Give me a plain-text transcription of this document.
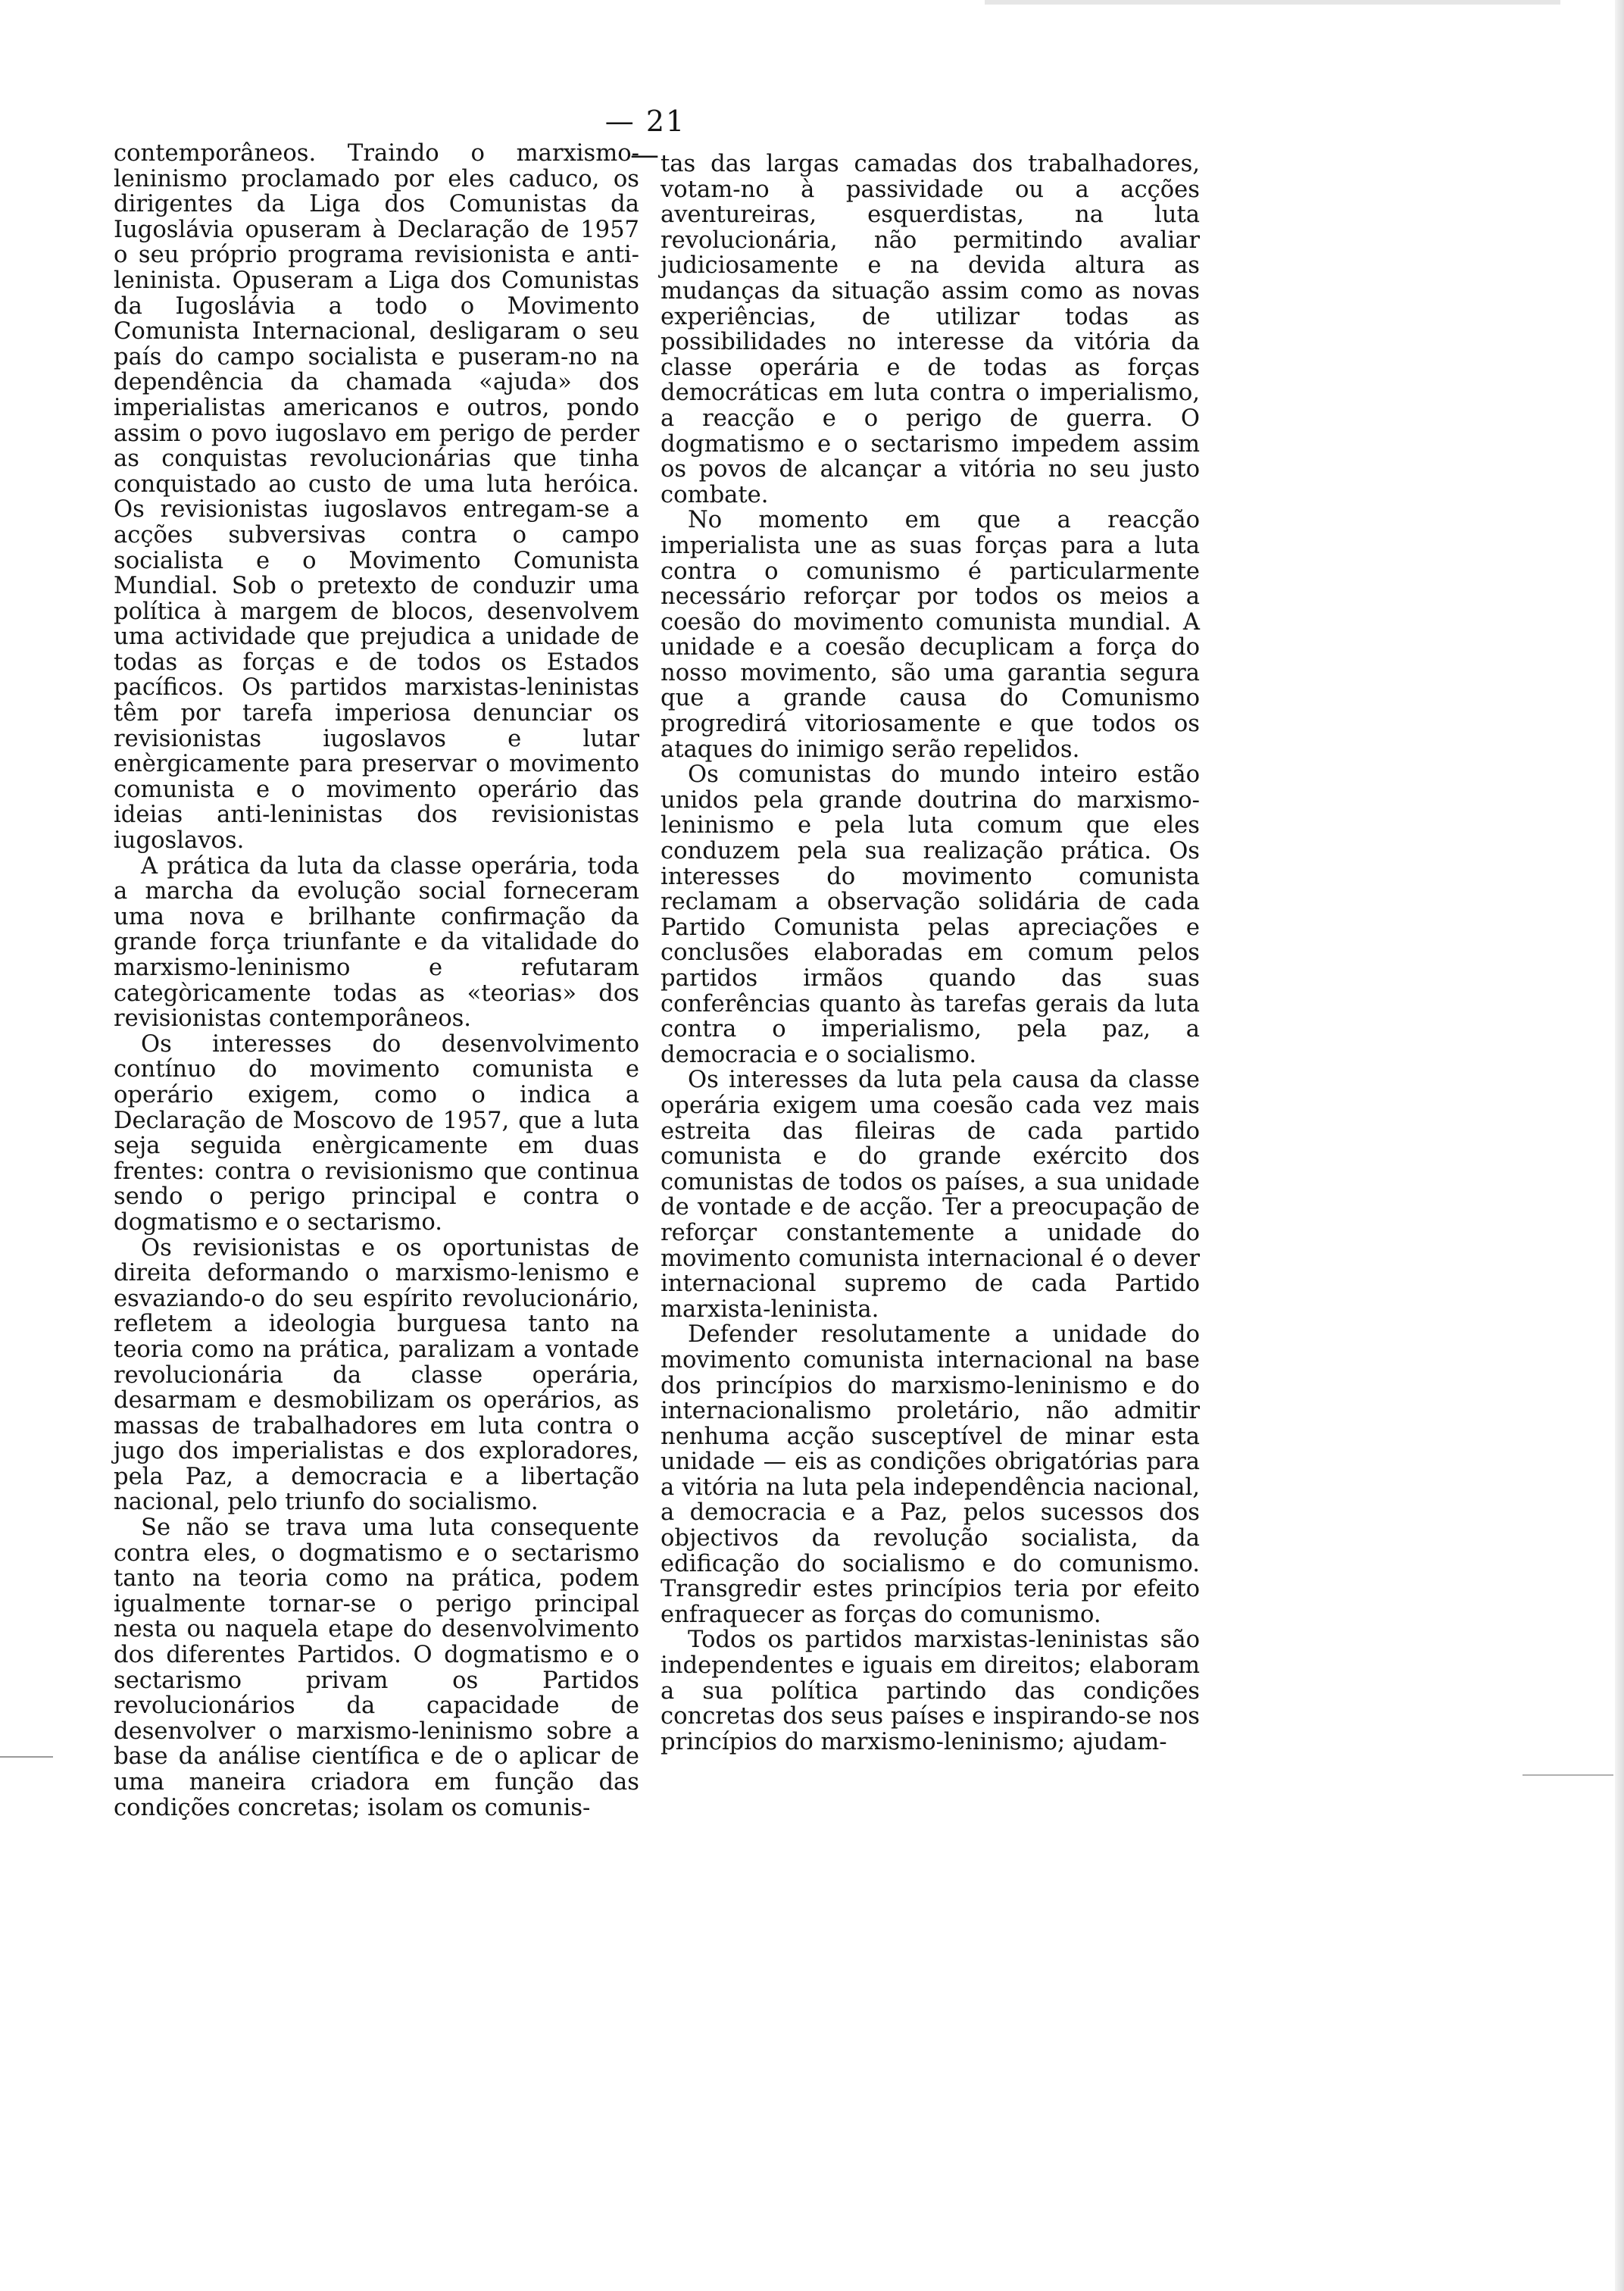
— 21 —

contemporâneos. Traindo o marxismo-leninismo proclamado por eles caduco, os dirigentes da Liga dos Comunistas da Iugoslávia opuseram à Declaração de 1957 o seu próprio programa revisionista e anti-leninista. Opuseram a Liga dos Comunistas da Iugoslávia a todo o Movimento Comunista Internacional, desligaram o seu país do campo socialista e puseram-no na dependência da chamada «ajuda» dos imperialistas americanos e outros, pondo assim o povo iugoslavo em perigo de perder as conquistas revolucionárias que tinha conquistado ao custo de uma luta heróica. Os revisionistas iugoslavos entregam-se a acções subversivas contra o campo socialista e o Movimento Comunista Mundial. Sob o pretexto de conduzir uma política à margem de blocos, desenvolvem uma actividade que prejudica a unidade de todas as forças e de todos os Estados pacíficos. Os partidos marxistas-leninistas têm por tarefa imperiosa denunciar os revisionistas iugoslavos e lutar enèrgicamente para preservar o movimento comunista e o movimento operário das ideias anti-leninistas dos revisionistas iugoslavos.

A prática da luta da classe operária, toda a marcha da evolução social forneceram uma nova e brilhante confirmação da grande força triunfante e da vitalidade do marxismo-leninismo e refutaram categòricamente todas as «teorias» dos revisionistas contemporâneos.

Os interesses do desenvolvimento contínuo do movimento comunista e operário exigem, como o indica a Declaração de Moscovo de 1957, que a luta seja seguida enèrgicamente em duas frentes: contra o revisionismo que continua sendo o perigo principal e contra o dogmatismo e o sectarismo.

Os revisionistas e os oportunistas de direita deformando o marxismo-lenismo e esvaziando-o do seu espírito revolucionário, refletem a ideologia burguesa tanto na teoria como na prática, paralizam a vontade revolucionária da classe operária, desarmam e desmobilizam os operários, as massas de trabalhadores em luta contra o jugo dos imperialistas e dos exploradores, pela Paz, a democracia e a libertação nacional, pelo triunfo do socialismo.

Se não se trava uma luta consequente contra eles, o dogmatismo e o sectarismo tanto na teoria como na prática, podem igualmente tornar-se o perigo principal nesta ou naquela etape do desenvolvimento dos diferentes Partidos. O dogmatismo e o sectarismo privam os Partidos revolucionários da capacidade de desenvolver o marxismo-leninismo sobre a base da análise científica e de o aplicar de uma maneira criadora em função das condições concretas; isolam os comunis-

tas das largas camadas dos trabalhadores, votam-no à passividade ou a acções aventureiras, esquerdistas, na luta revolucionária, não permitindo avaliar judiciosamente e na devida altura as mudanças da situação assim como as novas experiências, de utilizar todas as possibilidades no interesse da vitória da classe operária e de todas as forças democráticas em luta contra o imperialismo, a reacção e o perigo de guerra. O dogmatismo e o sectarismo impedem assim os povos de alcançar a vitória no seu justo combate.

No momento em que a reacção imperialista une as suas forças para a luta contra o comunismo é particularmente necessário reforçar por todos os meios a coesão do movimento comunista mundial. A unidade e a coesão decuplicam a força do nosso movimento, são uma garantia segura que a grande causa do Comunismo progredirá vitoriosamente e que todos os ataques do inimigo serão repelidos.

Os comunistas do mundo inteiro estão unidos pela grande doutrina do marxismo-leninismo e pela luta comum que eles conduzem pela sua realização prática. Os interesses do movimento comunista reclamam a observação solidária de cada Partido Comunista pelas apreciações e conclusões elaboradas em comum pelos partidos irmãos quando das suas conferências quanto às tarefas gerais da luta contra o imperialismo, pela paz, a democracia e o socialismo.

Os interesses da luta pela causa da classe operária exigem uma coesão cada vez mais estreita das fileiras de cada partido comunista e do grande exército dos comunistas de todos os países, a sua unidade de vontade e de acção. Ter a preocupação de reforçar constantemente a unidade do movimento comunista internacional é o dever internacional supremo de cada Partido marxista-leninista.

Defender resolutamente a unidade do movimento comunista internacional na base dos princípios do marxismo-leninismo e do internacionalismo proletário, não admitir nenhuma acção susceptível de minar esta unidade — eis as condições obrigatórias para a vitória na luta pela independência nacional, a democracia e a Paz, pelos sucessos dos objectivos da revolução socialista, da edificação do socialismo e do comunismo. Transgredir estes princípios teria por efeito enfraquecer as forças do comunismo.

Todos os partidos marxistas-leninistas são independentes e iguais em direitos; elaboram a sua política partindo das condições concretas dos seus países e inspirando-se nos princípios do marxismo-leninismo; ajudam-
